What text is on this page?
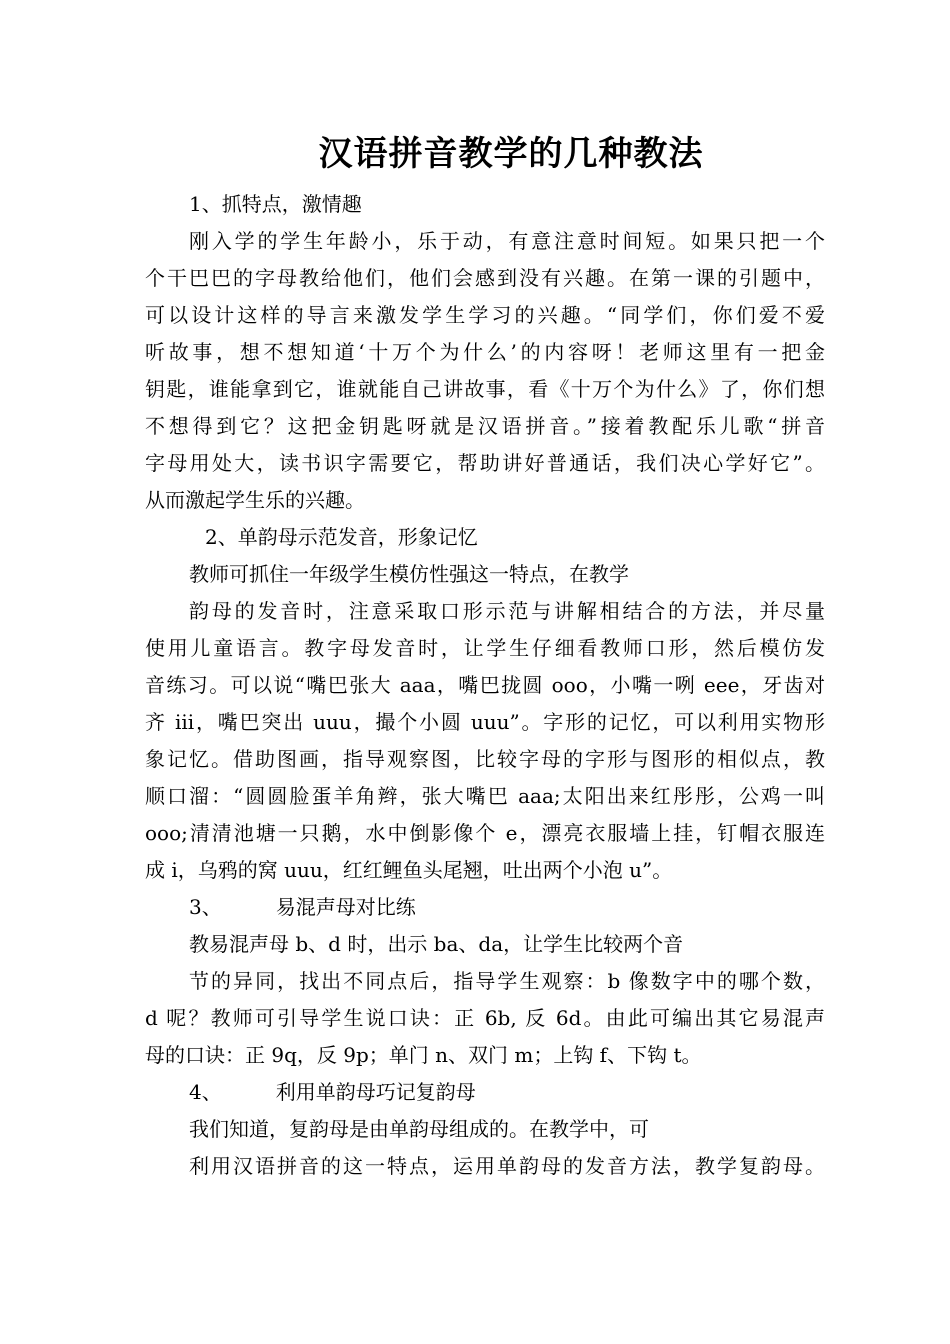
汉语拼音教学的几种教法
1、抓特点，激情趣
刚入学的学生年龄小，乐于动，有意注意时间短。如果只把一个
个干巴巴的字母教给他们，他们会感到没有兴趣。在第一课的引题中，
可以设计这样的导言来激发学生学习的兴趣。“同学们，你们爱不爱
听故事，想不想知道‘十万个为什么’的内容呀！老师这里有一把金
钥匙，谁能拿到它，谁就能自己讲故事，看《十万个为什么》了，你们想
不想得到它？这把金钥匙呀就是汉语拼音。”接着教配乐儿歌“拼音
字母用处大，读书识字需要它，帮助讲好普通话，我们决心学好它”。
从而激起学生乐的兴趣。
2、单韵母示范发音，形象记忆
教师可抓住一年级学生模仿性强这一特点，在教学
韵母的发音时，注意采取口形示范与讲解相结合的方法，并尽量
使用儿童语言。教字母发音时，让学生仔细看教师口形，然后模仿发
音练习。可以说“嘴巴张大 aaa，嘴巴拢圆 ooo，小嘴一咧 eee，牙齿对
齐 iii，嘴巴突出 uuu，撮个小圆 uuu”。字形的记忆，可以利用实物形
象记忆。借助图画，指导观察图，比较字母的字形与图形的相似点，教
顺口溜：“圆圆脸蛋羊角辫，张大嘴巴 aaa;太阳出来红彤彤，公鸡一叫
ooo;清清池塘一只鹅，水中倒影像个 e，漂亮衣服墙上挂，钉帽衣服连
成 i，乌鸦的窝 uuu，红红鲤鱼头尾翘，吐出两个小泡 u”。
3、	易混声母对比练
教易混声母 b、d 时，出示 ba、da，让学生比较两个音
节的异同，找出不同点后，指导学生观察：b 像数字中的哪个数，
d 呢？教师可引导学生说口诀：正 6b, 反 6d。由此可编出其它易混声
母的口诀：正 9q，反 9p；单门 n、双门 m；上钩 f、下钩 t。
4、	利用单韵母巧记复韵母
我们知道，复韵母是由单韵母组成的。在教学中，可
利用汉语拼音的这一特点，运用单韵母的发音方法，教学复韵母。
